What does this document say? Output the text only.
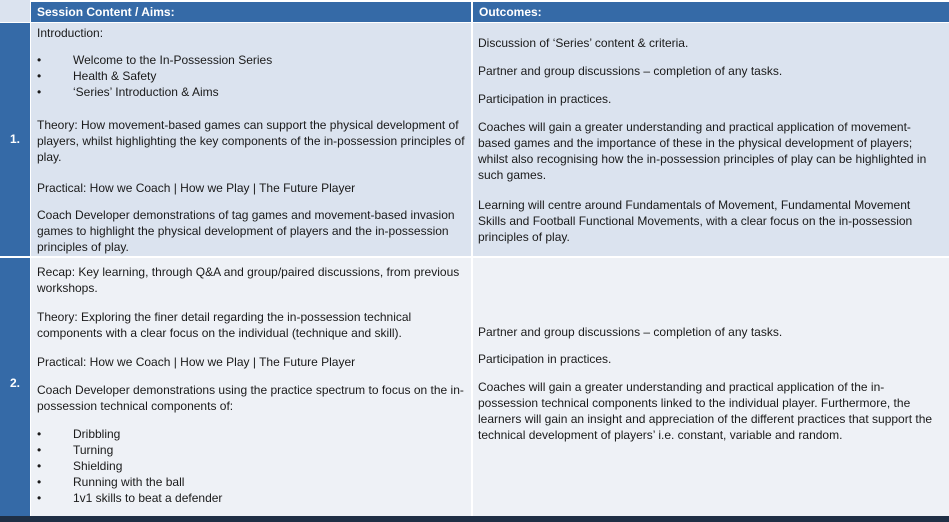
Session Content / Aims:	Outcomes:
1.

Introduction:

• Welcome to the In-Possession Series
• Health & Safety
• ‘Series’ Introduction & Aims

Theory: How movement-based games can support the physical development of players, whilst highlighting the key components of the in-possession principles of play.

Practical: How we Coach | How we Play | The Future Player

Coach Developer demonstrations of tag games and movement-based invasion games to highlight the physical development of players and the in-possession principles of play.

Discussion of ‘Series’ content & criteria.

Partner and group discussions – completion of any tasks.

Participation in practices.

Coaches will gain a greater understanding and practical application of movement-based games and the importance of these in the physical development of players; whilst also recognising how the in-possession principles of play can be highlighted in such games.

Learning will centre around Fundamentals of Movement, Fundamental Movement Skills and Football Functional Movements, with a clear focus on the in-possession principles of play.

2.

Recap: Key learning, through Q&A and group/paired discussions, from previous workshops.

Theory: Exploring the finer detail regarding the in-possession technical components with a clear focus on the individual (technique and skill).

Practical: How we Coach | How we Play | The Future Player

Coach Developer demonstrations using the practice spectrum to focus on the in-possession technical components of:

• Dribbling
• Turning
• Shielding
• Running with the ball
• 1v1 skills to beat a defender

Partner and group discussions – completion of any tasks.

Participation in practices.

Coaches will gain a greater understanding and practical application of the in-possession technical components linked to the individual player. Furthermore, the learners will gain an insight and appreciation of the different practices that support the technical development of players’ i.e. constant, variable and random.
